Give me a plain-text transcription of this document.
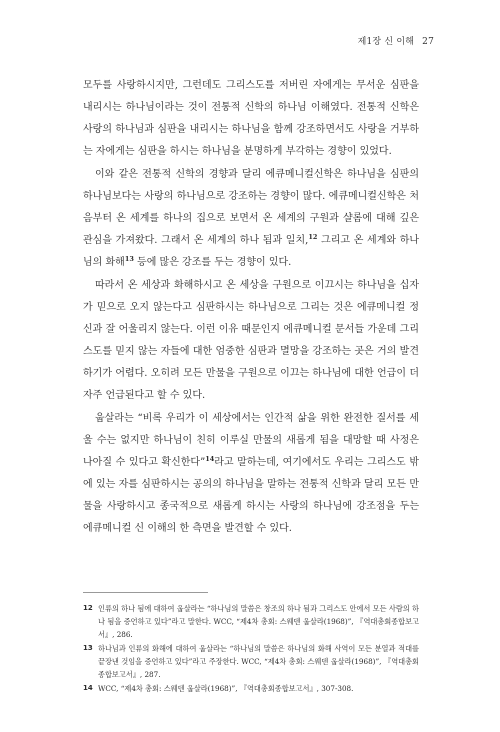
제1장 신 이해 27

모두를 사랑하시지만, 그런데도 그리스도를 저버린 자에게는 무서운 심판을 내리시는 하나님이라는 것이 전통적 신학의 하나님 이해였다. 전통적 신학은 사랑의 하나님과 심판을 내리시는 하나님을 함께 강조하면서도 사랑을 거부하는 자에게는 심판을 하시는 하나님을 분명하게 부각하는 경향이 있었다.

이와 같은 전통적 신학의 경향과 달리 에큐메니컬신학은 하나님을 심판의 하나님보다는 사랑의 하나님으로 강조하는 경향이 많다. 에큐메니컬신학은 처음부터 온 세계를 하나의 집으로 보면서 온 세계의 구원과 샬롬에 대해 깊은 관심을 가져왔다. 그래서 온 세계의 하나 됨과 일치,$^{12}$ 그리고 온 세계와 하나님의 화해$^{13}$ 등에 많은 강조를 두는 경향이 있다.

따라서 온 세상과 화해하시고 온 세상을 구원으로 이끄시는 하나님을 십자가 믿으로 오지 않는다고 심판하시는 하나님으로 그리는 것은 에큐메니컬 정신과 잘 어울리지 않는다. 이런 이유 때문인지 에큐메니컬 문서들 가운데 그리스도를 믿지 않는 자들에 대한 엄중한 심판과 멸망을 강조하는 곳은 거의 발견하기가 어렵다. 오히려 모든 만물을 구원으로 이끄는 하나님에 대한 언급이 더 자주 언급된다고 할 수 있다.

웁살라는 “비록 우리가 이 세상에서는 인간적 삶을 위한 완전한 질서를 세울 수는 없지만 하나님이 친히 이루실 만물의 새롭게 됨을 대망할 때 사정은 나아질 수 있다고 확신한다”$^{14}$라고 말하는데, 여기에서도 우리는 그리스도 밖에 있는 자를 심판하시는 공의의 하나님을 말하는 전통적 신학과 달리 모든 만물을 사랑하시고 종국적으로 새롭게 하시는 사랑의 하나님에 강조점을 두는 에큐메니컬 신 이해의 한 측면을 발견할 수 있다.

12 인류의 하나 됨에 대하여 웁살라는 “하나님의 말씀은 창조의 하나 됨과 그리스도 안에서 모든 사람의 하나 됨을 증언하고 있다”라고 말한다. WCC, “제4차 총회: 스웨덴 웁살라(1968)”, 『역대총회종합보고서』, 286.
13 하나님과 인류의 화해에 대하여 웁살라는 “하나님의 말씀은 하나님의 화해 사역이 모든 분열과 적대를 끝장낸 것임을 증언하고 있다”라고 주장한다. WCC, “제4차 총회: 스웨덴 웁살라(1968)”, 『역대총회종합보고서』, 287.
14 WCC, “제4차 총회: 스웨덴 웁살라(1968)”, 『역대총회종합보고서』, 307-308.
